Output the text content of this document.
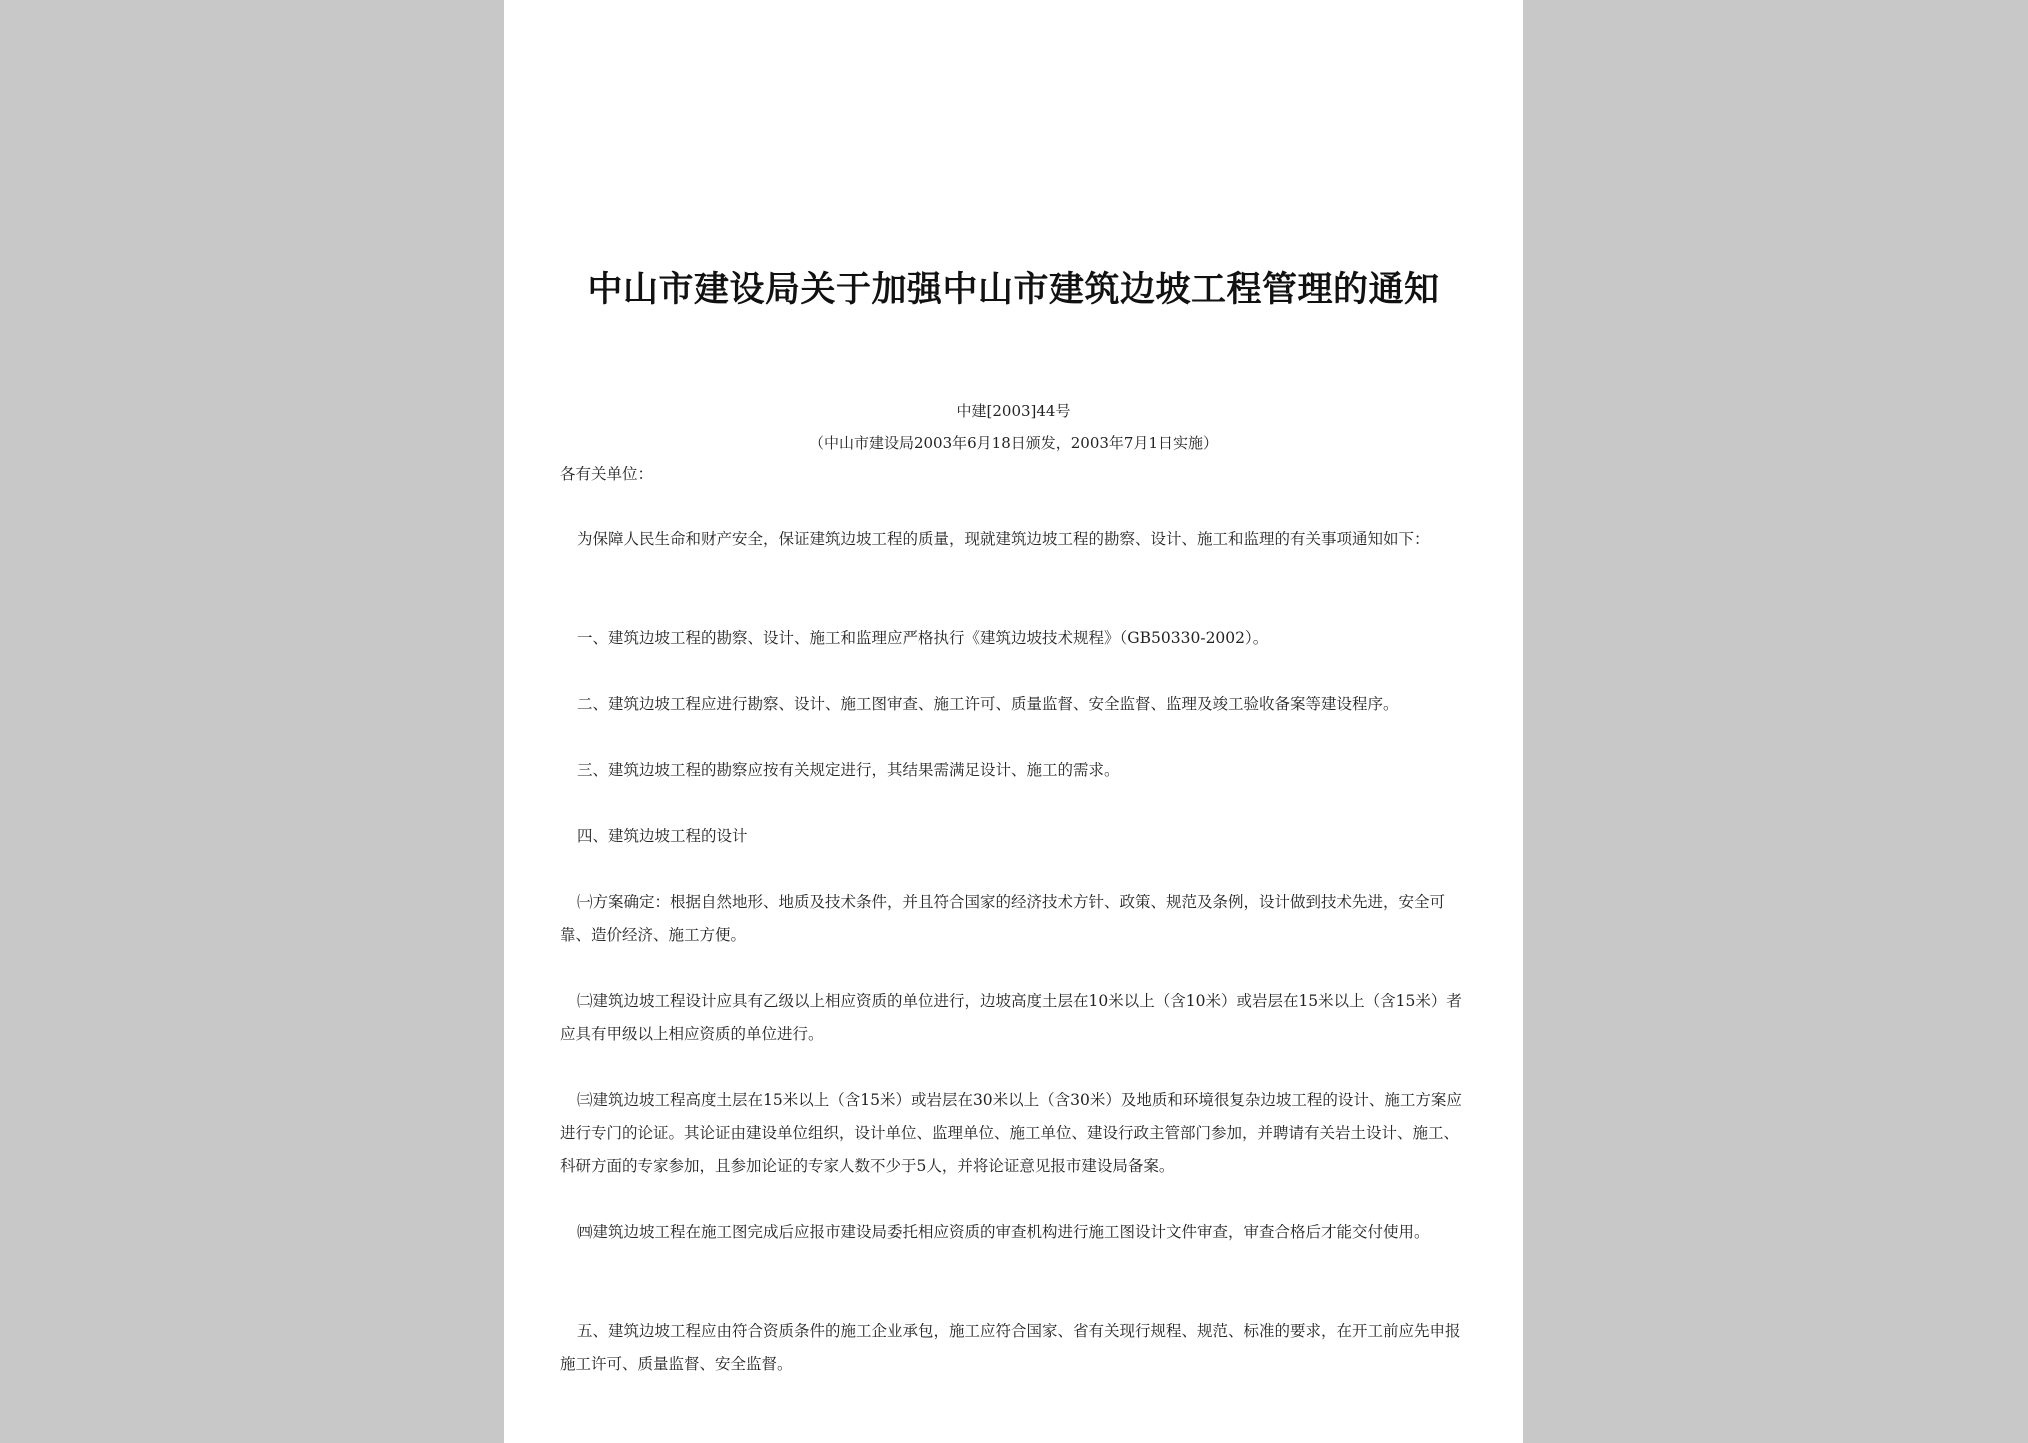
中山市建设局关于加强中山市建筑边坡工程管理的通知
中建[2003]44号
（中山市建设局2003年6月18日颁发，2003年7月1日实施）

各有关单位：

为保障人民生命和财产安全，保证建筑边坡工程的质量，现就建筑边坡工程的勘察、设计、施工和监理的有关事项通知如下：

一、建筑边坡工程的勘察、设计、施工和监理应严格执行《建筑边坡技术规程》（GB50330-2002）。

二、建筑边坡工程应进行勘察、设计、施工图审查、施工许可、质量监督、安全监督、监理及竣工验收备案等建设程序。

三、建筑边坡工程的勘察应按有关规定进行，其结果需满足设计、施工的需求。

四、建筑边坡工程的设计

㈠方案确定：根据自然地形、地质及技术条件，并且符合国家的经济技术方针、政策、规范及条例，设计做到技术先进，安全可靠、造价经济、施工方便。

㈡建筑边坡工程设计应具有乙级以上相应资质的单位进行，边坡高度土层在10米以上（含10米）或岩层在15米以上（含15米）者应具有甲级以上相应资质的单位进行。

㈢建筑边坡工程高度土层在15米以上（含15米）或岩层在30米以上（含30米）及地质和环境很复杂边坡工程的设计、施工方案应进行专门的论证。其论证由建设单位组织，设计单位、监理单位、施工单位、建设行政主管部门参加，并聘请有关岩土设计、施工、科研方面的专家参加，且参加论证的专家人数不少于5人，并将论证意见报市建设局备案。

㈣建筑边坡工程在施工图完成后应报市建设局委托相应资质的审查机构进行施工图设计文件审查，审查合格后才能交付使用。

五、建筑边坡工程应由符合资质条件的施工企业承包，施工应符合国家、省有关现行规程、规范、标准的要求，在开工前应先申报施工许可、质量监督、安全监督。
